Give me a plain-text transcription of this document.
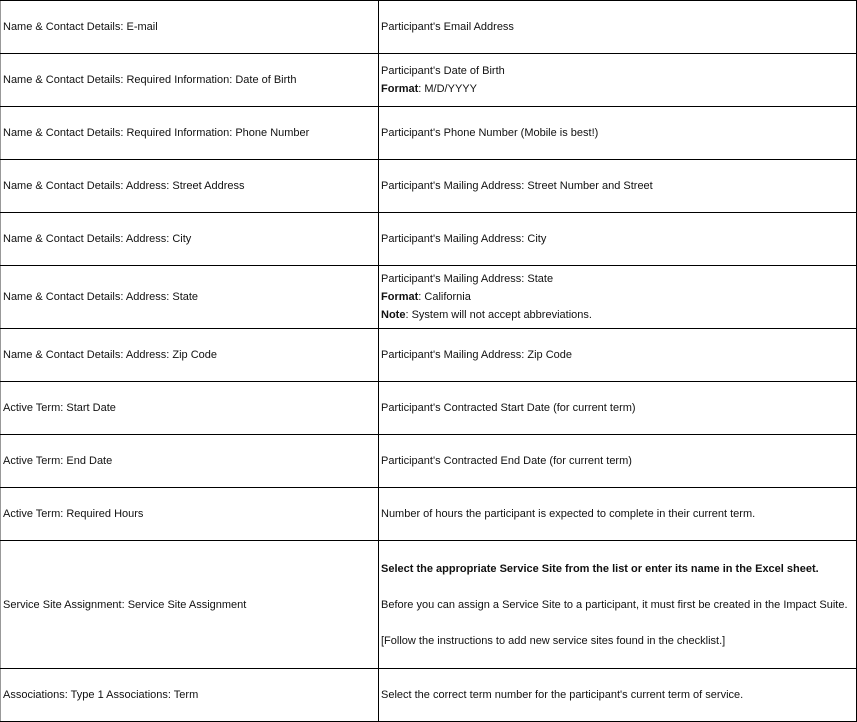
Name & Contact Details: E-mail	Participant's Email Address
Name & Contact Details: Required Information: Date of Birth	Participant's Date of Birth
Format: M/D/YYYY

Name & Contact Details: Required Information: Phone Number	Participant's Phone Number (Mobile is best!)
Name & Contact Details: Address: Street Address	Participant's Mailing Address: Street Number and Street
Name & Contact Details: Address: City	Participant's Mailing Address: City
Name & Contact Details: Address: State	Participant's Mailing Address: State
Format: California
Note: System will not accept abbreviations.

Name & Contact Details: Address: Zip Code	Participant's Mailing Address: Zip Code
Active Term: Start Date	Participant's Contracted Start Date (for current term)
Active Term: End Date	Participant's Contracted End Date (for current term)
Active Term: Required Hours	Number of hours the participant is expected to complete in their current term.
Service Site Assignment: Service Site Assignment	Select the appropriate Service Site from the list or enter its name in the Excel sheet.
Before you can assign a Service Site to a participant, it must first be created in the Impact Suite.
[Follow the instructions to add new service sites found in the checklist.]

Associations: Type 1 Associations: Term	Select the correct term number for the participant's current term of service.
